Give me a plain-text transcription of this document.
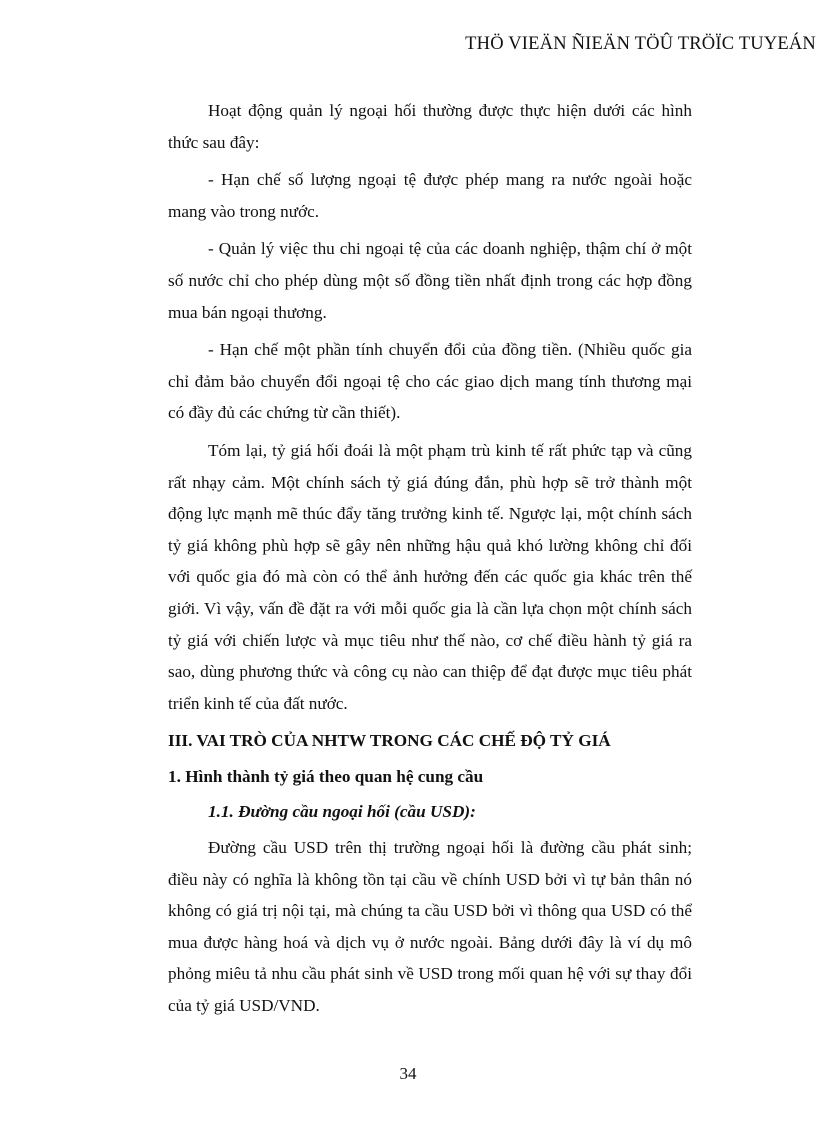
THÖ VIEÄN ÑIEÄN TÖÛ TRÖÏC TUYEÁN

Hoạt động quản lý ngoại hối thường được thực hiện dưới các hình thức sau đây:

- Hạn chế số lượng ngoại tệ được phép mang ra nước ngoài hoặc mang vào trong nước.

- Quản lý việc thu chi ngoại tệ của các doanh nghiệp, thậm chí ở một số nước chỉ cho phép dùng một số đồng tiền nhất định trong các hợp đồng mua bán ngoại thương.

- Hạn chế một phần tính chuyển đổi của đồng tiền. (Nhiều quốc gia chỉ đảm bảo chuyển đổi ngoại tệ cho các giao dịch mang tính thương mại có đầy đủ các chứng từ cần thiết).

Tóm lại, tỷ giá hối đoái là một phạm trù kinh tế rất phức tạp và cũng rất nhạy cảm. Một chính sách tỷ giá đúng đắn, phù hợp sẽ trở thành một động lực mạnh mẽ thúc đẩy tăng trưởng kinh tế. Ngược lại, một chính sách tỷ giá không phù hợp sẽ gây nên những hậu quả khó lường không chỉ đối với quốc gia đó mà còn có thể ảnh hưởng đến các quốc gia khác trên thế giới. Vì vậy, vấn đề đặt ra với mỗi quốc gia là cần lựa chọn một chính sách tỷ giá với chiến lược và mục tiêu như thế nào, cơ chế điều hành tỷ giá ra sao, dùng phương thức và công cụ nào can thiệp để đạt được mục tiêu phát triển kinh tế của đất nước.

III. VAI TRÒ CỦA NHTW TRONG CÁC CHẾ ĐỘ TỶ GIÁ
1. Hình thành tỷ giá theo quan hệ cung cầu
1.1. Đường cầu ngoại hối (cầu USD):

Đường cầu USD trên thị trường ngoại hối là đường cầu phát sinh; điều này có nghĩa là không tồn tại cầu về chính USD bởi vì tự bản thân nó không có giá trị nội tại, mà chúng ta cầu USD bởi vì thông qua USD có thể mua được hàng hoá và dịch vụ ở nước ngoài. Bảng dưới đây là ví dụ mô phỏng miêu tả nhu cầu phát sinh về USD trong mối quan hệ với sự thay đổi của tỷ giá USD/VND.

34
